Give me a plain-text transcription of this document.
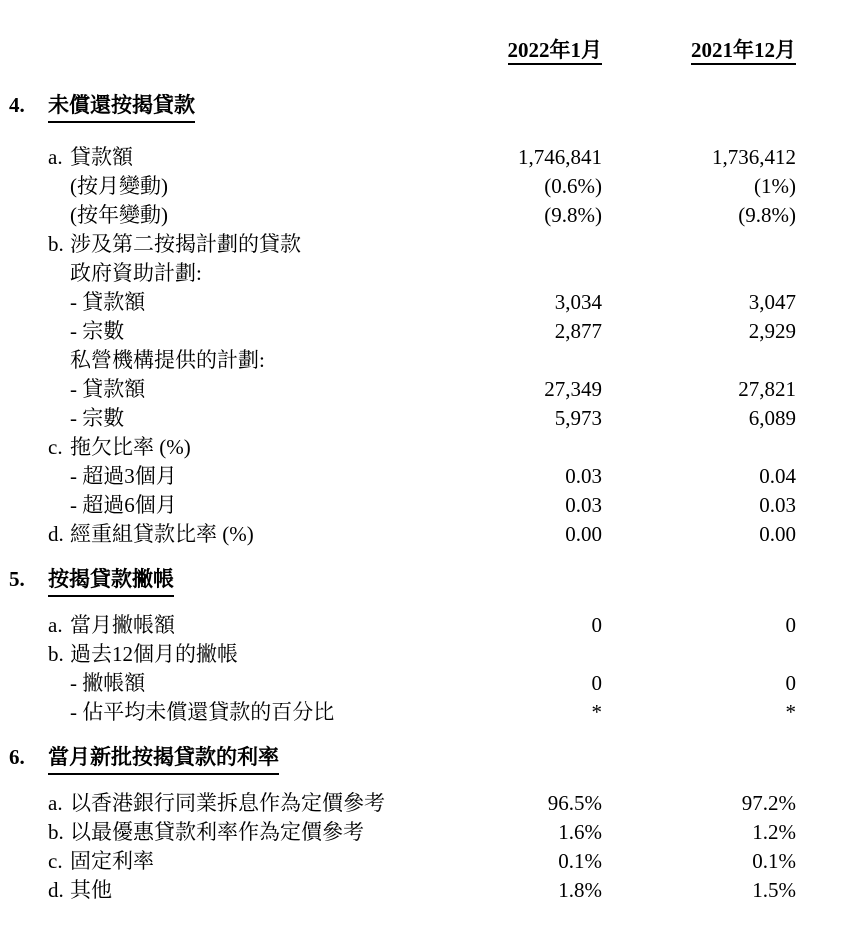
2022年1月	2021年12月
4.	未償還按揭貸款
a. 貸款額	1,746,841	1,736,412
(按月變動)	(0.6%)	(1%)
(按年變動)	(9.8%)	(9.8%)
b. 涉及第二按揭計劃的貸款
政府資助計劃:
- 貸款額	3,034	3,047
- 宗數	2,877	2,929
私營機構提供的計劃:
- 貸款額	27,349	27,821
- 宗數	5,973	6,089
c. 拖欠比率 (%)
- 超過3個月	0.03	0.04
- 超過6個月	0.03	0.03
d. 經重組貸款比率 (%)	0.00	0.00
5.	按揭貸款撇帳
a. 當月撇帳額	0	0
b. 過去12個月的撇帳
- 撇帳額	0	0
- 佔平均未償還貸款的百分比	*	*
6.	當月新批按揭貸款的利率
a. 以香港銀行同業拆息作為定價參考	96.5%	97.2%
b. 以最優惠貸款利率作為定價參考	1.6%	1.2%
c. 固定利率	0.1%	0.1%
d. 其他	1.8%	1.5%
